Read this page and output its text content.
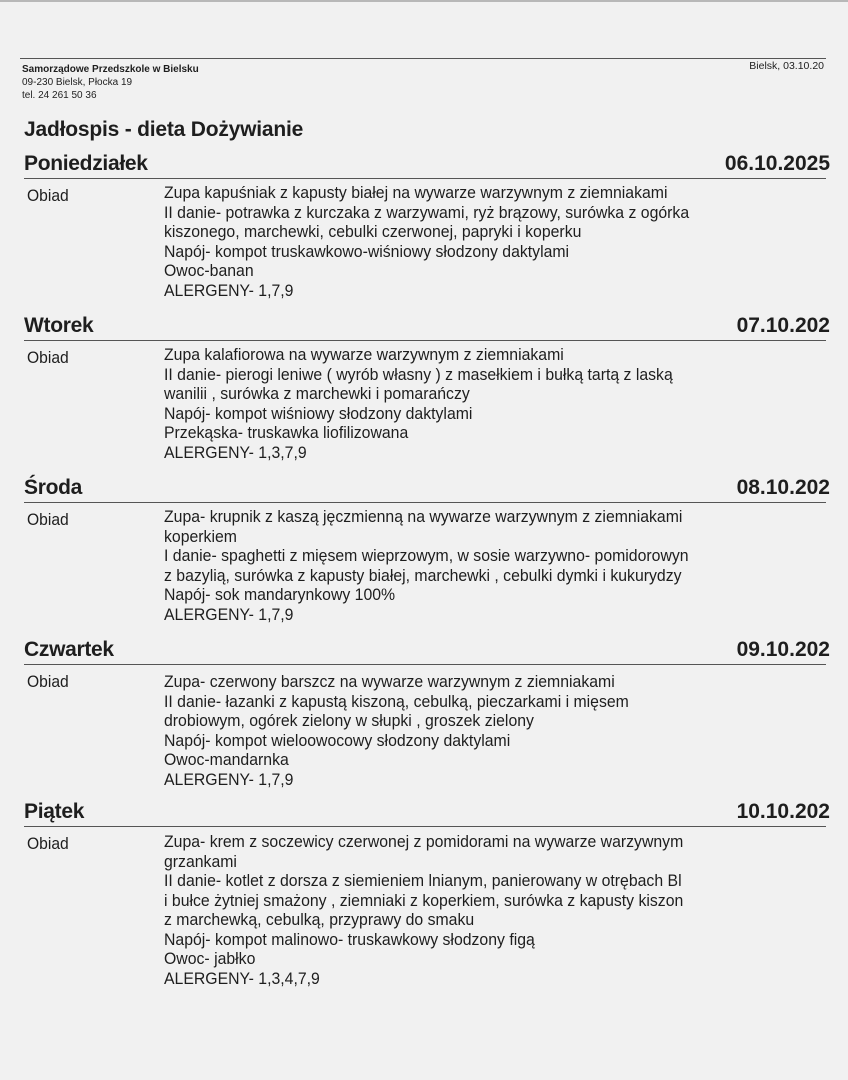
Samorządowe Przedszkole w Bielsku
09-230 Bielsk, Płocka 19
tel. 24 261 50 36
Bielsk, 03.10.20
Jadłospis - dieta Dożywianie
Poniedziałek	06.10.2025
Obiad	Zupa kapuśniak z kapusty białej na wywarze warzywnym z ziemniakami
II danie- potrawka z kurczaka z warzywami, ryż brązowy, surówka z ogórka
kiszonego, marchewki, cebulki czerwonej, papryki i koperku
Napój- kompot truskawkowo-wiśniowy słodzony daktylami
Owoc-banan
ALERGENY- 1,7,9
Wtorek	07.10.202
Obiad	Zupa kalafiorowa na wywarze warzywnym z ziemniakami
II danie- pierogi leniwe ( wyrób własny ) z masełkiem i bułką tartą z laską
wanilii , surówka z marchewki i pomarańczy
Napój- kompot wiśniowy słodzony daktylami
Przekąska- truskawka liofilizowana
ALERGENY- 1,3,7,9
Środa	08.10.202
Obiad	Zupa- krupnik z kaszą jęczmienną na wywarze warzywnym z ziemniakami
koperkiem
I danie- spaghetti z mięsem wieprzowym, w sosie warzywno- pomidorowyn
z bazylią, surówka z kapusty białej, marchewki , cebulki dymki i kukurydzy
Napój- sok mandarynkowy 100%
ALERGENY- 1,7,9
Czwartek	09.10.202
Obiad	Zupa- czerwony barszcz na wywarze warzywnym z ziemniakami
II danie- łazanki z kapustą kiszoną, cebulką, pieczarkami i mięsem
drobiowym, ogórek zielony w słupki , groszek zielony
Napój- kompot wieloowocowy słodzony daktylami
Owoc-mandarnka
ALERGENY- 1,7,9
Piątek	10.10.202
Obiad	Zupa- krem z soczewicy czerwonej z pomidorami na wywarze warzywnym
grzankami
II danie- kotlet z dorsza z siemieniem lnianym, panierowany w otrębach Bl
i bułce żytniej smażony , ziemniaki z koperkiem, surówka z kapusty kiszon
z marchewką, cebulką, przyprawy do smaku
Napój- kompot malinowo- truskawkowy słodzony figą
Owoc- jabłko
ALERGENY- 1,3,4,7,9
